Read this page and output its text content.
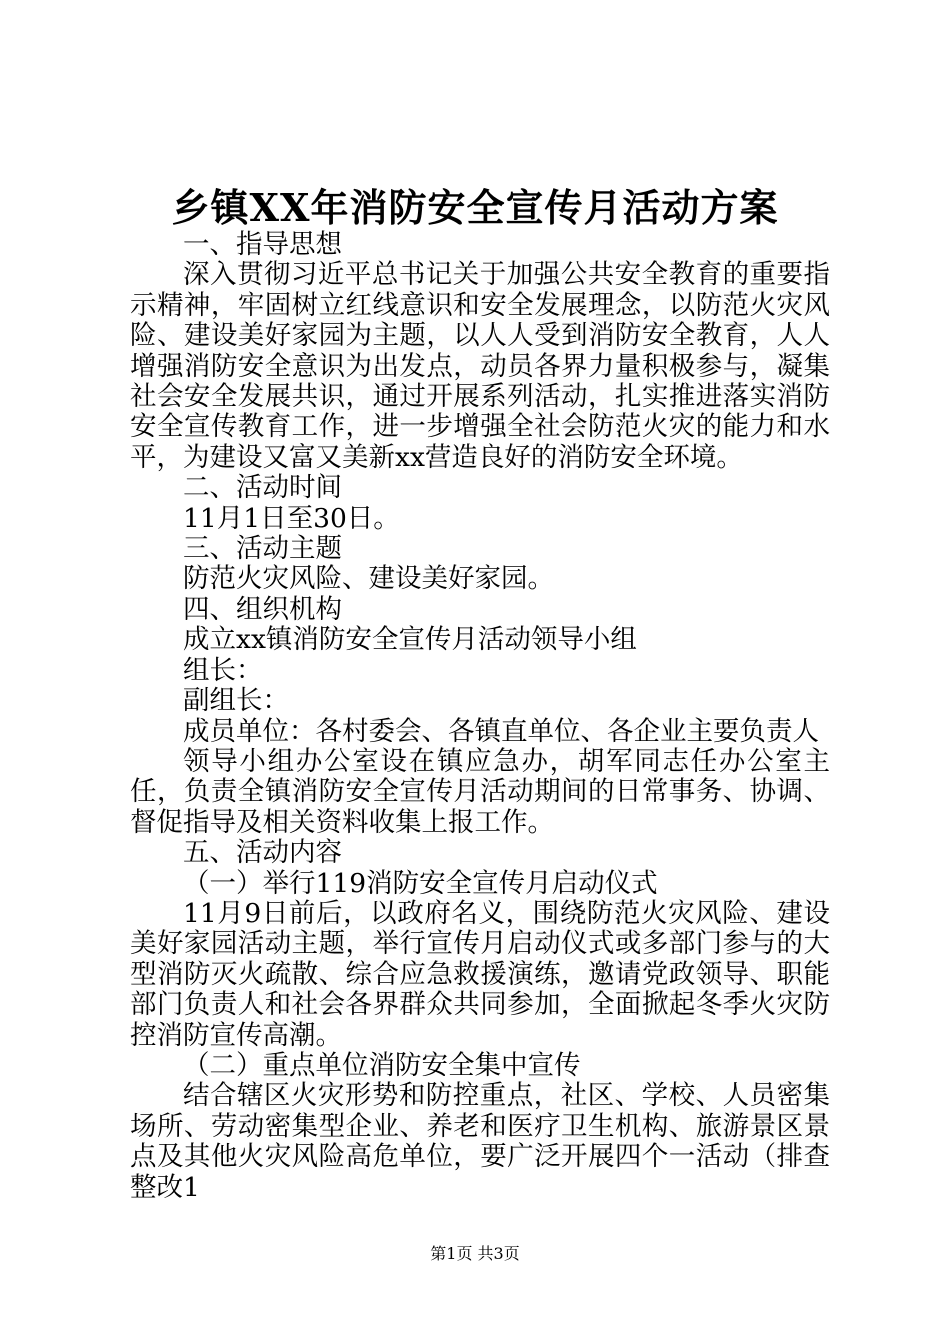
乡镇XX年消防安全宣传月活动方案

一、指导思想

深入贯彻习近平总书记关于加强公共安全教育的重要指示精神，牢固树立红线意识和安全发展理念，以防范火灾风险、建设美好家园为主题，以人人受到消防安全教育，人人增强消防安全意识为出发点，动员各界力量积极参与，凝集社会安全发展共识，通过开展系列活动，扎实推进落实消防安全宣传教育工作，进一步增强全社会防范火灾的能力和水平，为建设又富又美新xx营造良好的消防安全环境。

二、活动时间

11月1日至30日。

三、活动主题

防范火灾风险、建设美好家园。

四、组织机构

成立xx镇消防安全宣传月活动领导小组

组长：

副组长：

成员单位：各村委会、各镇直单位、各企业主要负责人

领导小组办公室设在镇应急办，胡军同志任办公室主任，负责全镇消防安全宣传月活动期间的日常事务、协调、督促指导及相关资料收集上报工作。

五、活动内容

（一）举行119消防安全宣传月启动仪式

11月9日前后，以政府名义，围绕防范火灾风险、建设美好家园活动主题，举行宣传月启动仪式或多部门参与的大型消防灭火疏散、综合应急救援演练，邀请党政领导、职能部门负责人和社会各界群众共同参加，全面掀起冬季火灾防控消防宣传高潮。

（二）重点单位消防安全集中宣传

结合辖区火灾形势和防控重点，社区、学校、人员密集场所、劳动密集型企业、养老和医疗卫生机构、旅游景区景点及其他火灾风险高危单位，要广泛开展四个一活动（排查整改1

第1页 共3页
